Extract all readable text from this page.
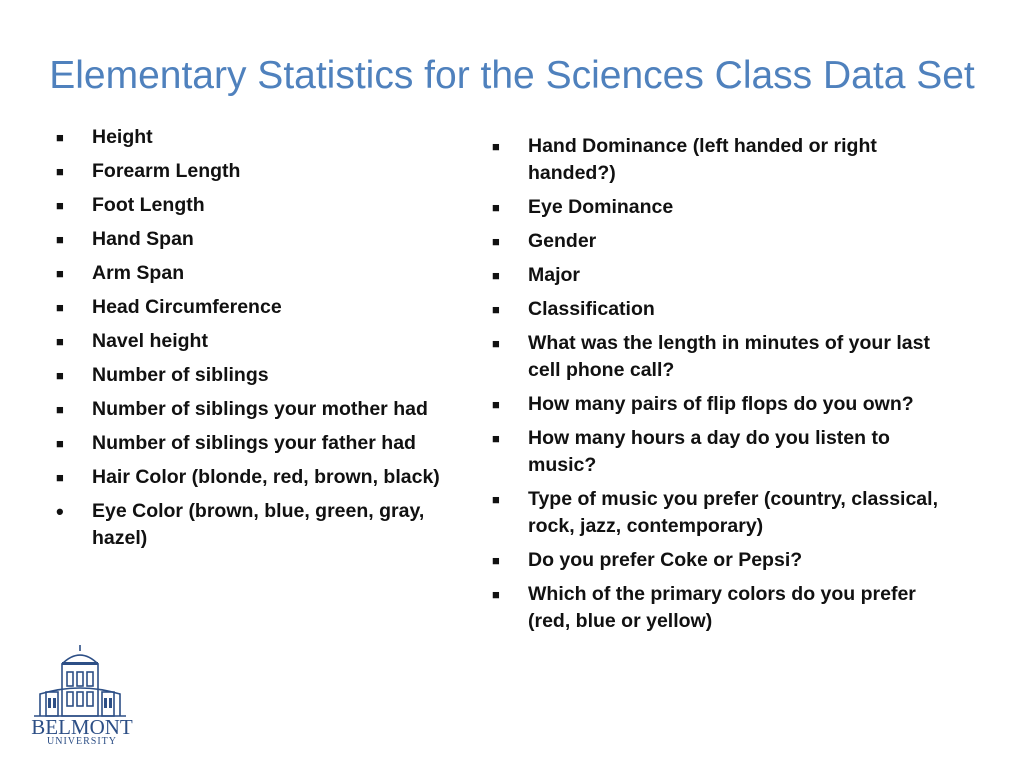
Elementary Statistics for the Sciences Class Data Set
■	Height
■	Forearm Length
■	Foot Length
■	Hand Span
■	Arm Span
■	Head Circumference
■	Navel height
■	Number of siblings
■	Number of siblings your mother had
■	Number of siblings your father had
■	Hair Color (blonde, red, brown, black)
•	Eye Color (brown, blue, green, gray, hazel)
■	Hand Dominance (left handed or right handed?)
■	Eye Dominance
■	Gender
■	Major
■	Classification
■	What was the length in minutes of your last cell phone call?
■	How many pairs of flip flops do you own?
■	How many hours a day do you listen to music?
■	Type of music you prefer (country, classical, rock, jazz, contemporary)
■	Do you prefer Coke or Pepsi?
■	Which of the primary colors do you prefer (red, blue or yellow)
BELMONT
UNIVERSITY
